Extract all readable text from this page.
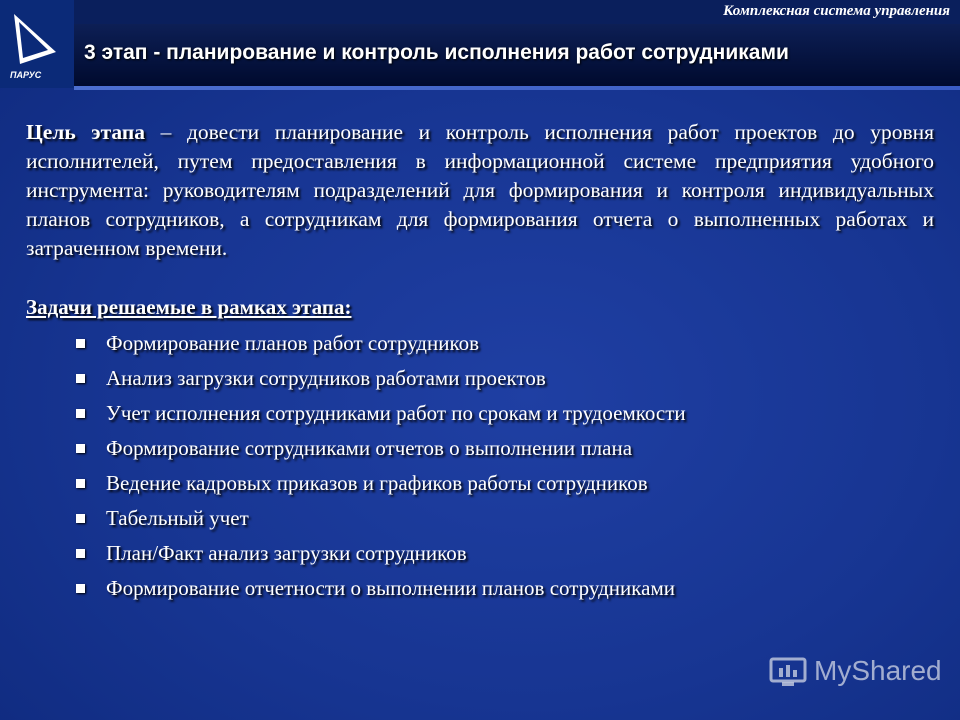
ПАРУС
Комплексная система управления
3 этап - планирование и контроль исполнения работ сотрудниками

Цель этапа – довести планирование и контроль исполнения работ проектов до уровня исполнителей, путем предоставления в информационной системе предприятия удобного инструмента: руководителям подразделений для формирования и контроля индивидуальных планов сотрудников, а сотрудникам для формирования отчета о выполненных работах и затраченном времени.

Задачи решаемые в рамках этапа:
Формирование планов работ сотрудников
Анализ загрузки сотрудников работами проектов
Учет исполнения сотрудниками работ по срокам и трудоемкости
Формирование сотрудниками отчетов о выполнении плана
Ведение кадровых приказов и графиков работы сотрудников
Табельный учет
План/Факт анализ загрузки сотрудников
Формирование отчетности о выполнении планов сотрудниками
MyShared
